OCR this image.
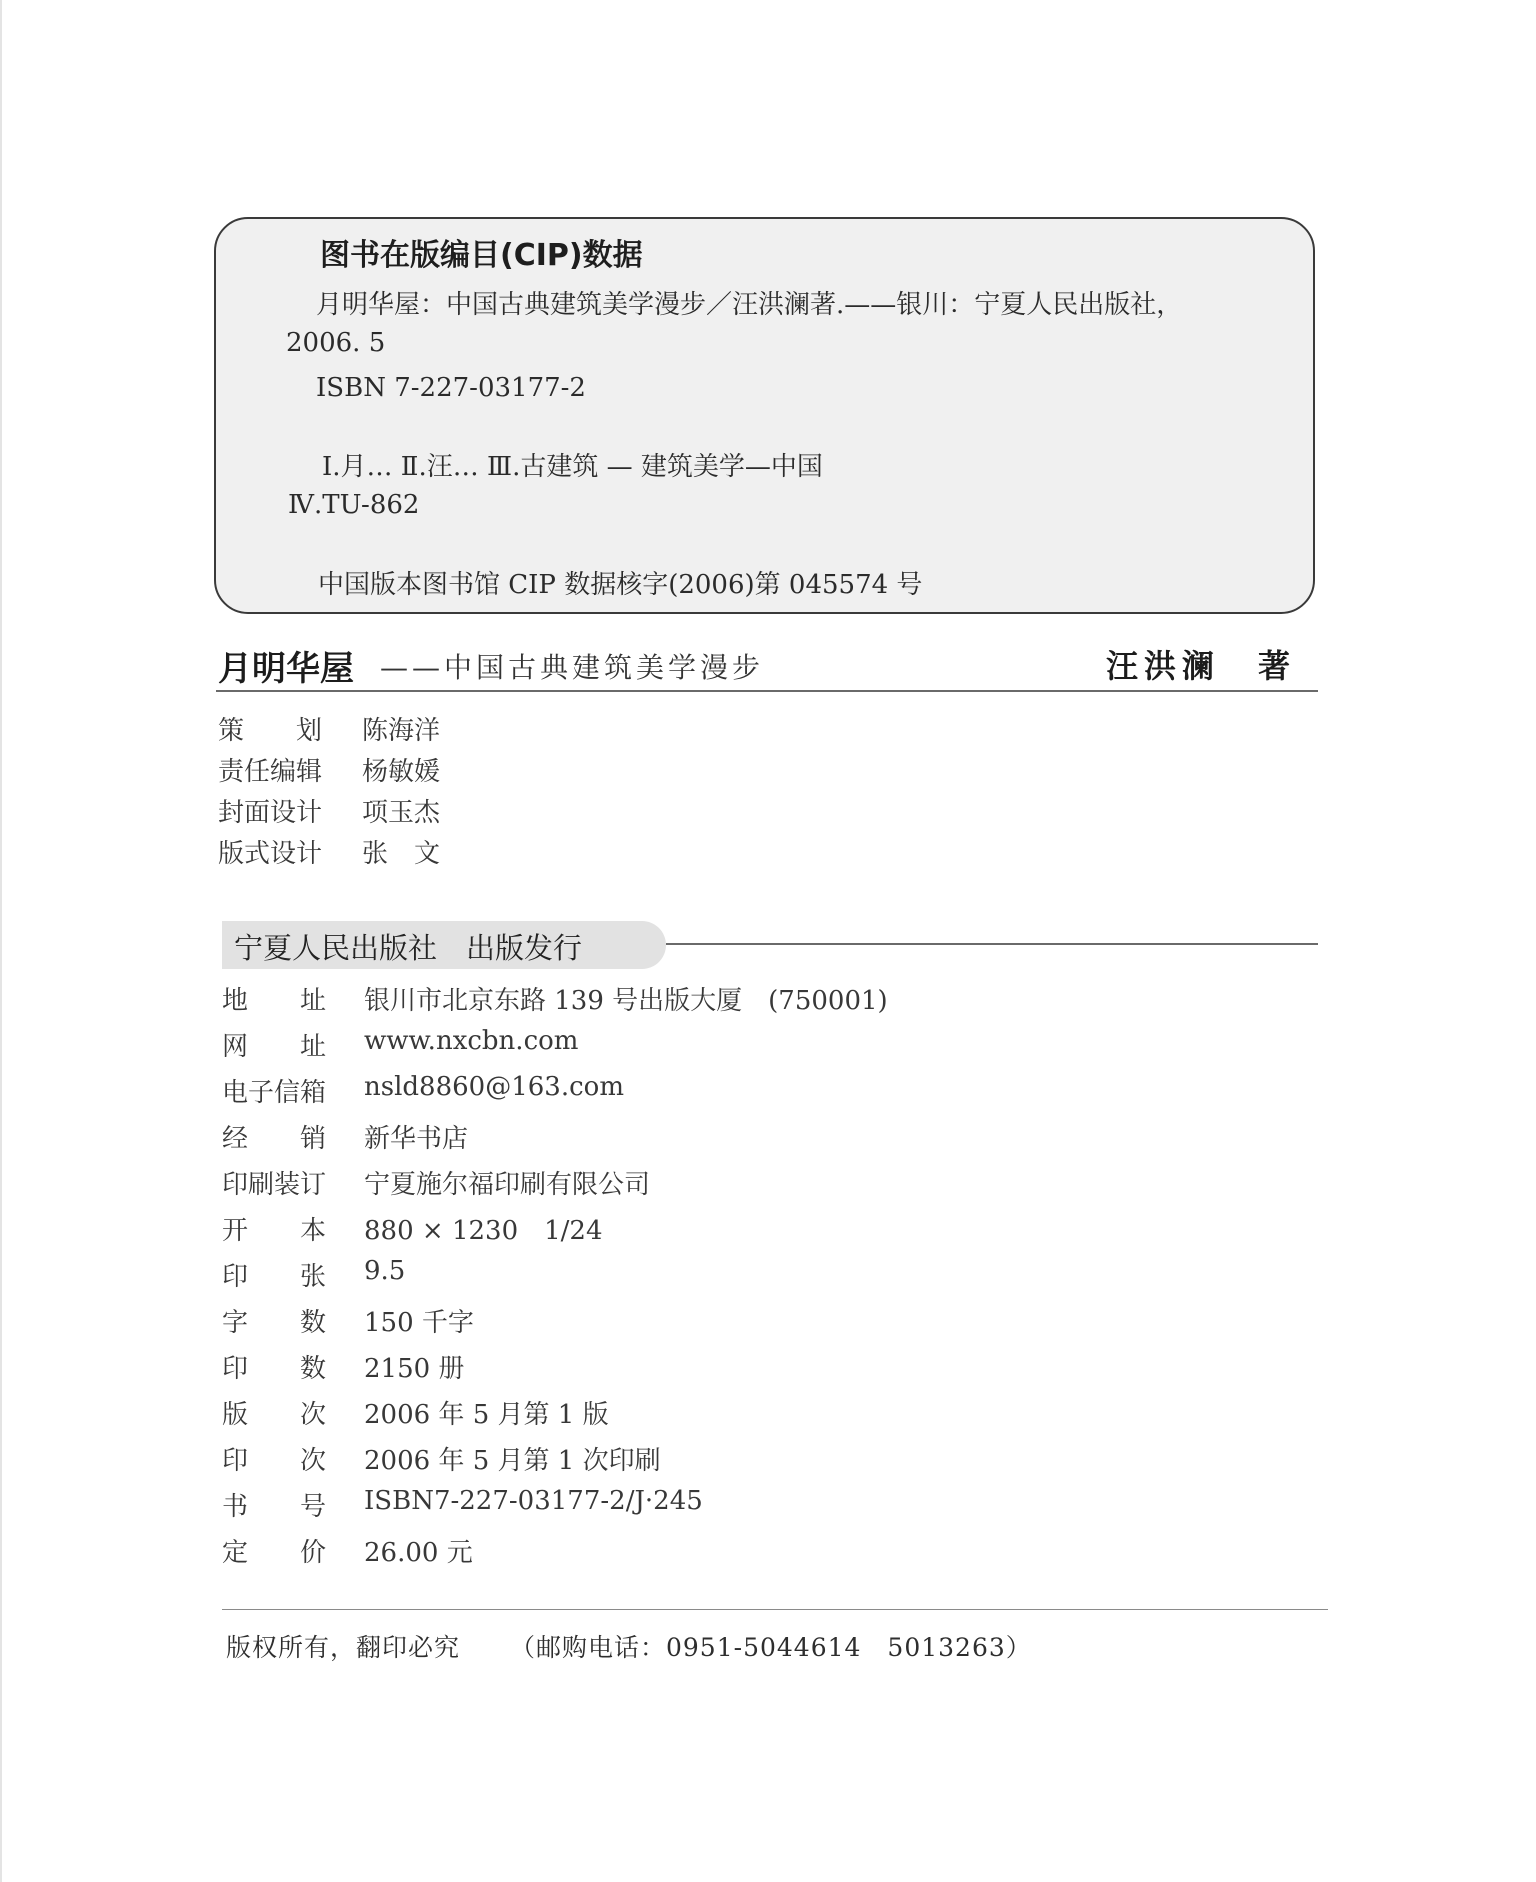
图书在版编目(CIP)数据
月明华屋：中国古典建筑美学漫步／汪洪澜著.——银川：宁夏人民出版社，
2006. 5
ISBN 7-227-03177-2
Ⅰ.月… Ⅱ.汪… Ⅲ.古建筑 — 建筑美学—中国
Ⅳ.TU-862
中国版本图书馆 CIP 数据核字(2006)第 045574 号
月明华屋 ——中国古典建筑美学漫步	汪洪澜　著
策　　划 陈海洋
责任编辑 杨敏媛
封面设计 项玉杰
版式设计 张　文
宁夏人民出版社　出版发行
地　　址 银川市北京东路 139 号出版大厦　(750001)
网　　址 www.nxcbn.com
电子信箱 nsld8860@163.com
经　　销 新华书店
印刷装订 宁夏施尔福印刷有限公司
开　　本 880 × 1230　1/24
印　　张 9.5
字　　数 150 千字
印　　数 2150 册
版　　次 2006 年 5 月第 1 版
印　　次 2006 年 5 月第 1 次印刷
书　　号 ISBN7-227-03177-2/J·245
定　　价 26.00 元
版权所有，翻印必究 （邮购电话：0951-5044614　5013263）
